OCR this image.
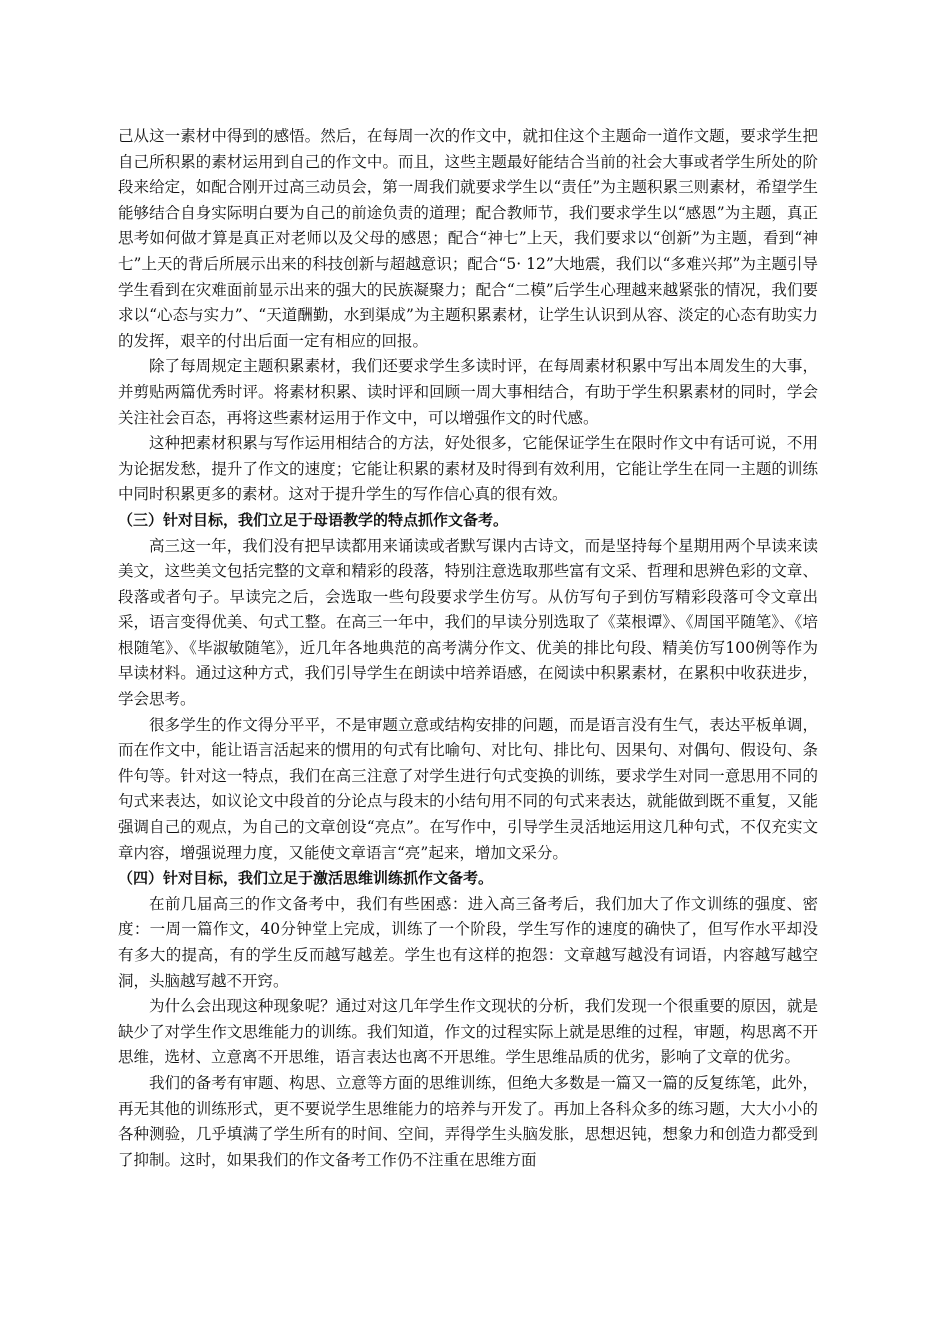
己从这一素材中得到的感悟。然后，在每周一次的作文中，就扣住这个主题命一道作文题，要求学生把自己所积累的素材运用到自己的作文中。而且，这些主题最好能结合当前的社会大事或者学生所处的阶段来给定，如配合刚开过高三动员会，第一周我们就要求学生以“责任”为主题积累三则素材，希望学生能够结合自身实际明白要为自己的前途负责的道理；配合教师节，我们要求学生以“感恩”为主题，真正思考如何做才算是真正对老师以及父母的感恩；配合“神七”上天，我们要求以“创新”为主题，看到“神七”上天的背后所展示出来的科技创新与超越意识；配合“5· 12”大地震，我们以“多难兴邦”为主题引导学生看到在灾难面前显示出来的强大的民族凝聚力；配合“二模”后学生心理越来越紧张的情况，我们要求以“心态与实力”、“天道酬勤，水到渠成”为主题积累素材，让学生认识到从容、淡定的心态有助实力的发挥，艰辛的付出后面一定有相应的回报。

除了每周规定主题积累素材，我们还要求学生多读时评，在每周素材积累中写出本周发生的大事，并剪贴两篇优秀时评。将素材积累、读时评和回顾一周大事相结合，有助于学生积累素材的同时，学会关注社会百态，再将这些素材运用于作文中，可以增强作文的时代感。

这种把素材积累与写作运用相结合的方法，好处很多，它能保证学生在限时作文中有话可说，不用为论据发愁，提升了作文的速度；它能让积累的素材及时得到有效利用，它能让学生在同一主题的训练中同时积累更多的素材。这对于提升学生的写作信心真的很有效。

（三）针对目标，我们立足于母语教学的特点抓作文备考。

高三这一年，我们没有把早读都用来诵读或者默写课内古诗文，而是坚持每个星期用两个早读来读美文，这些美文包括完整的文章和精彩的段落，特别注意选取那些富有文采、哲理和思辨色彩的文章、段落或者句子。早读完之后，会选取一些句段要求学生仿写。从仿写句子到仿写精彩段落可令文章出采，语言变得优美、句式工整。在高三一年中，我们的早读分别选取了《菜根谭》、《周国平随笔》、《培根随笔》、《毕淑敏随笔》，近几年各地典范的高考满分作文、优美的排比句段、精美仿写100例等作为早读材料。通过这种方式，我们引导学生在朗读中培养语感，在阅读中积累素材，在累积中收获进步，学会思考。

很多学生的作文得分平平，不是审题立意或结构安排的问题，而是语言没有生气，表达平板单调，而在作文中，能让语言活起来的惯用的句式有比喻句、对比句、排比句、因果句、对偶句、假设句、条件句等。针对这一特点，我们在高三注意了对学生进行句式变换的训练，要求学生对同一意思用不同的句式来表达，如议论文中段首的分论点与段末的小结句用不同的句式来表达，就能做到既不重复，又能强调自己的观点，为自己的文章创设“亮点”。在写作中，引导学生灵活地运用这几种句式，不仅充实文章内容，增强说理力度，又能使文章语言“亮”起来，增加文采分。

（四）针对目标，我们立足于激活思维训练抓作文备考。

在前几届高三的作文备考中，我们有些困惑：进入高三备考后，我们加大了作文训练的强度、密度：一周一篇作文，40分钟堂上完成，训练了一个阶段，学生写作的速度的确快了，但写作水平却没有多大的提高，有的学生反而越写越差。学生也有这样的抱怨：文章越写越没有词语，内容越写越空洞，头脑越写越不开窍。

为什么会出现这种现象呢？通过对这几年学生作文现状的分析，我们发现一个很重要的原因，就是缺少了对学生作文思维能力的训练。我们知道，作文的过程实际上就是思维的过程，审题，构思离不开思维，选材、立意离不开思维，语言表达也离不开思维。学生思维品质的优劣，影响了文章的优劣。

我们的备考有审题、构思、立意等方面的思维训练，但绝大多数是一篇又一篇的反复练笔，此外，再无其他的训练形式，更不要说学生思维能力的培养与开发了。再加上各科众多的练习题，大大小小的各种测验，几乎填满了学生所有的时间、空间，弄得学生头脑发胀，思想迟钝，想象力和创造力都受到了抑制。这时，如果我们的作文备考工作仍不注重在思维方面
